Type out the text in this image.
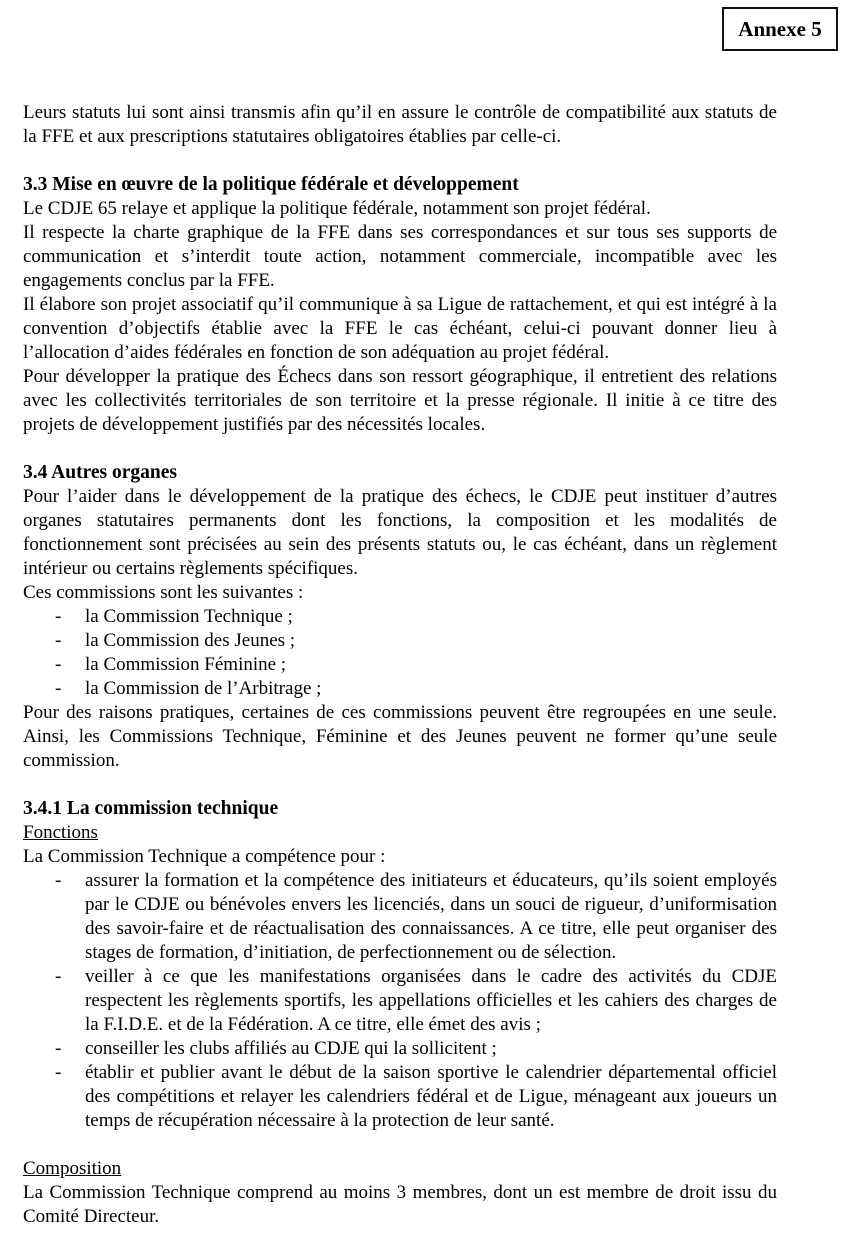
Annexe 5

Leurs statuts lui sont ainsi transmis afin qu’il en assure le contrôle de compatibilité aux statuts de la FFE et aux prescriptions statutaires obligatoires établies par celle-ci.

3.3 Mise en œuvre de la politique fédérale et développement

Le CDJE 65 relaye et applique la politique fédérale, notamment son projet fédéral.

Il respecte la charte graphique de la FFE dans ses correspondances et sur tous ses supports de communication et s’interdit toute action, notamment commerciale, incompatible avec les engagements conclus par la FFE.

Il élabore son projet associatif qu’il communique à sa Ligue de rattachement, et qui est intégré à la convention d’objectifs établie avec la FFE le cas échéant, celui-ci pouvant donner lieu à l’allocation d’aides fédérales en fonction de son adéquation au projet fédéral.

Pour développer la pratique des Échecs dans son ressort géographique, il entretient des relations avec les collectivités territoriales de son territoire et la presse régionale. Il initie à ce titre des projets de développement justifiés par des nécessités locales.

3.4 Autres organes

Pour l’aider dans le développement de la pratique des échecs, le CDJE peut instituer d’autres organes statutaires permanents dont les fonctions, la composition et les modalités de fonctionnement sont précisées au sein des présents statuts ou, le cas échéant, dans un règlement intérieur ou certains règlements spécifiques.

Ces commissions sont les suivantes :

- la Commission Technique ;
- la Commission des Jeunes ;
- la Commission Féminine ;
- la Commission de l’Arbitrage ;

Pour des raisons pratiques, certaines de ces commissions peuvent être regroupées en une seule. Ainsi, les Commissions Technique, Féminine et des Jeunes peuvent ne former qu’une seule commission.

3.4.1 La commission technique

Fonctions

La Commission Technique a compétence pour :

- assurer la formation et la compétence des initiateurs et éducateurs, qu’ils soient employés par le CDJE ou bénévoles envers les licenciés, dans un souci de rigueur, d’uniformisation des savoir-faire et de réactualisation des connaissances. A ce titre, elle peut organiser des stages de formation, d’initiation, de perfectionnement ou de sélection.
- veiller à ce que les manifestations organisées dans le cadre des activités du CDJE respectent les règlements sportifs, les appellations officielles et les cahiers des charges de la F.I.D.E. et de la Fédération. A ce titre, elle émet des avis ;
- conseiller les clubs affiliés au CDJE qui la sollicitent ;
- établir et publier avant le début de la saison sportive le calendrier départemental officiel des compétitions et relayer les calendriers fédéral et de Ligue, ménageant aux joueurs un temps de récupération nécessaire à la protection de leur santé.

Composition

La Commission Technique comprend au moins 3 membres, dont un est membre de droit issu du Comité Directeur.
